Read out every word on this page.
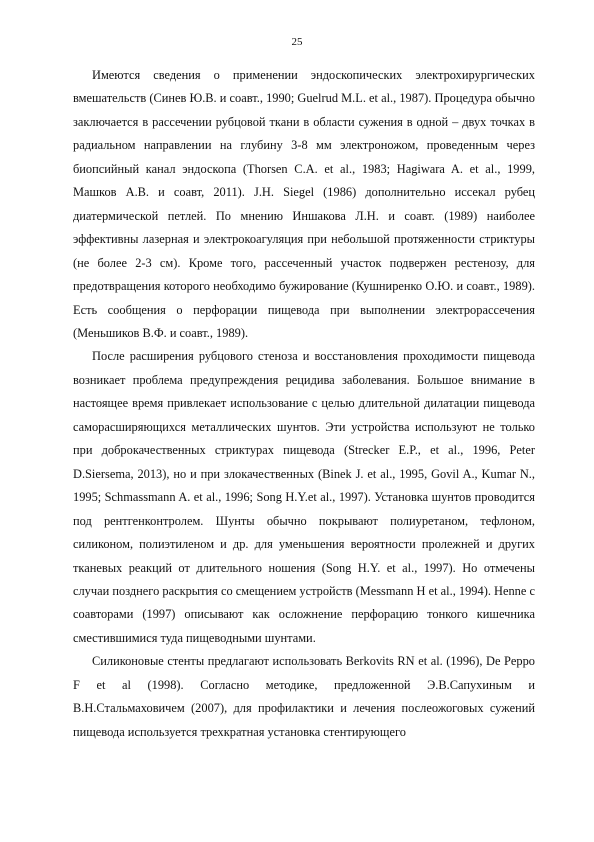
25

Имеются сведения о применении эндоскопических электрохирургических вмешательств (Синев Ю.В. и соавт., 1990; Guelrud M.L. et al., 1987). Процедура обычно заключается в рассечении рубцовой ткани в области сужения в одной – двух точках в радиальном направлении на глубину 3-8 мм электроножом, проведенным через биопсийный канал эндоскопа (Thorsen C.A. et al., 1983; Hagiwara A. et al., 1999, Машков А.В. и соавт, 2011). J.H. Siegel (1986) дополнительно иссекал рубец диатермической петлей. По мнению Иншакова Л.Н. и соавт. (1989) наиболее эффективны лазерная и электрокоагуляция при небольшой протяженности стриктуры (не более 2-3 см). Кроме того, рассеченный участок подвержен рестенозу, для предотвращения которого необходимо бужирование (Кушниренко О.Ю. и соавт., 1989). Есть сообщения о перфорации пищевода при выполнении электрорассечения (Меньшиков В.Ф. и соавт., 1989).

После расширения рубцового стеноза и восстановления проходимости пищевода возникает проблема предупреждения рецидива заболевания. Большое внимание в настоящее время привлекает использование с целью длительной дилатации пищевода саморасширяющихся металлических шунтов. Эти устройства используют не только при доброкачественных стриктурах пищевода (Strecker E.P., et al., 1996, Peter D.Siersema, 2013), но и при злокачественных (Binek J. et al., 1995, Govil A., Kumar N., 1995; Schmassmann A. et al., 1996; Song H.Y.et al., 1997). Установка шунтов проводится под рентгенконтролем. Шунты обычно покрывают полиуретаном, тефлоном, силиконом, полиэтиленом и др. для уменьшения вероятности пролежней и других тканевых реакций от длительного ношения (Song H.Y. et al., 1997). Но отмечены случаи позднего раскрытия со смещением устройств (Messmann H et al., 1994). Henne с соавторами (1997) описывают как осложнение перфорацию тонкого кишечника сместившимися туда пищеводными шунтами.

Силиконовые стенты предлагают использовать Berkovits RN et al. (1996), De Peppo F et al (1998). Согласно методике, предложенной Э.В.Сапухиным и В.Н.Стальмаховичем (2007), для профилактики и лечения послеожоговых сужений пищевода используется трехкратная установка стентирующего
